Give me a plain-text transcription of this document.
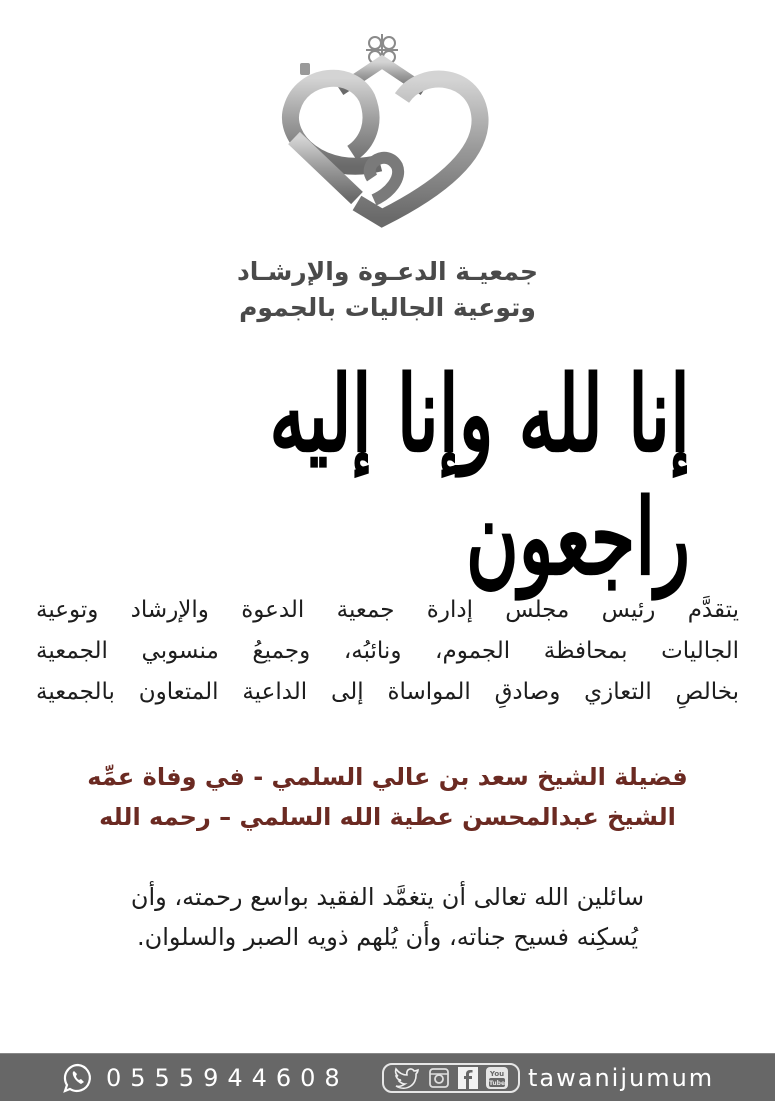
جمعيـة الدعـوة والإرشـاد
وتوعية الجاليات بالجموم
إنا لله وإنا إليه راجعون
يتقدَّم رئيس مجلس إدارة جمعية الدعوة والإرشاد وتوعية
الجاليات بمحافظة الجموم، ونائبُه، وجميعُ منسوبي الجمعية
بخالصِ التعازي وصادقِ المواساة إلى الداعية المتعاون بالجمعية
فضيلة الشيخ سعد بن عالي السلمي - في وفاة عمِّه
الشيخ عبدالمحسن عطية الله السلمي – رحمه الله
سائلين الله تعالى أن يتغمَّد الفقيد بواسع رحمته، وأن
يُسكِنه فسيح جناته، وأن يُلهم ذويه الصبر والسلوان.
0555944608	You
Tube tawanijumum
